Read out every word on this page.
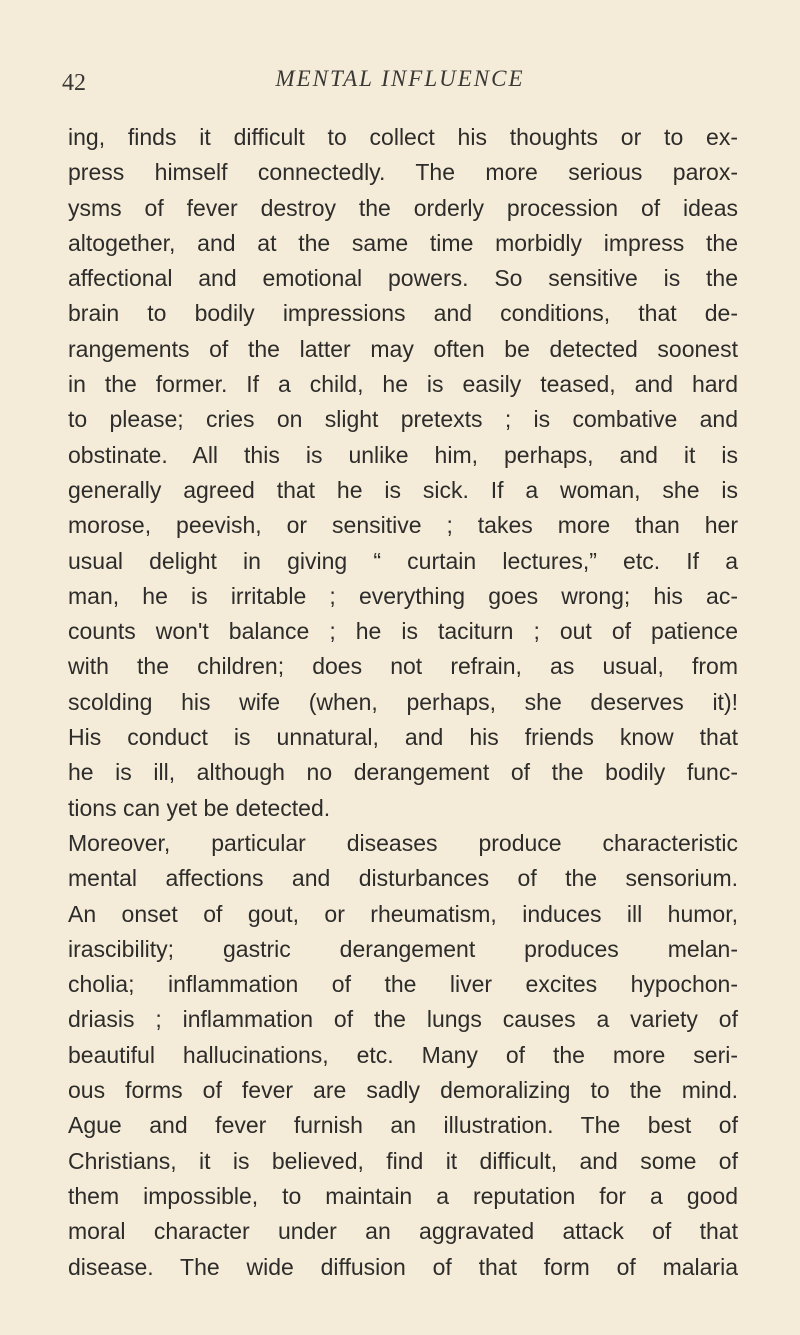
42	MENTAL INFLUENCE
ing, finds it difficult to collect his thoughts or to ex-
press himself connectedly. The more serious parox-
ysms of fever destroy the orderly procession of ideas
altogether, and at the same time morbidly impress the
affectional and emotional powers. So sensitive is the
brain to bodily impressions and conditions, that de-
rangements of the latter may often be detected soonest
in the former. If a child, he is easily teased, and hard
to please; cries on slight pretexts ; is combative and
obstinate. All this is unlike him, perhaps, and it is
generally agreed that he is sick. If a woman, she is
morose, peevish, or sensitive ; takes more than her
usual delight in giving “ curtain lectures,” etc. If a
man, he is irritable ; everything goes wrong; his ac-
counts won't balance ; he is taciturn ; out of patience
with the children; does not refrain, as usual, from
scolding his wife (when, perhaps, she deserves it)!
His conduct is unnatural, and his friends know that
he is ill, although no derangement of the bodily func-
tions can yet be detected.
Moreover, particular diseases produce characteristic
mental affections and disturbances of the sensorium.
An onset of gout, or rheumatism, induces ill humor,
irascibility; gastric derangement produces melan-
cholia; inflammation of the liver excites hypochon-
driasis ; inflammation of the lungs causes a variety of
beautiful hallucinations, etc. Many of the more seri-
ous forms of fever are sadly demoralizing to the mind.
Ague and fever furnish an illustration. The best of
Christians, it is believed, find it difficult, and some of
them impossible, to maintain a reputation for a good
moral character under an aggravated attack of that
disease. The wide diffusion of that form of malaria
